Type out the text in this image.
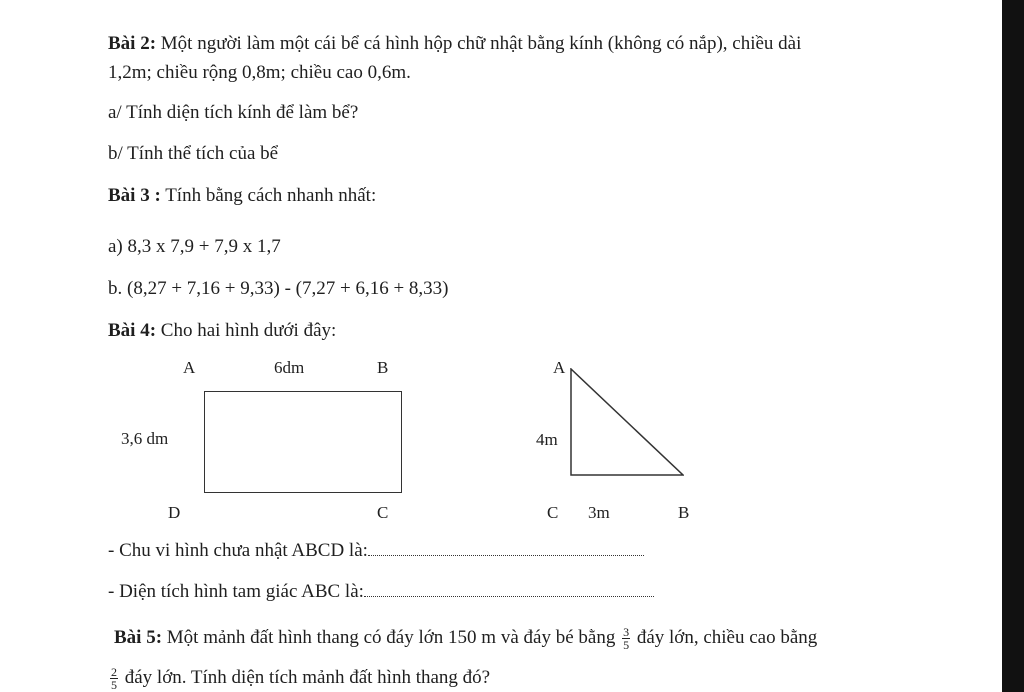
Bài 2: Một người làm một cái bể cá hình hộp chữ nhật bằng kính (không có nắp), chiều dài
1,2m; chiều rộng 0,8m; chiều cao 0,6m.
a/ Tính diện tích kính để làm bể?
b/ Tính thể tích của bể
Bài 3 : Tính bằng cách nhanh nhất:
a) 8,3 x 7,9 + 7,9 x 1,7
b. (8,27 + 7,16 + 9,33) - (7,27 + 6,16 + 8,33)
Bài 4: Cho hai hình dưới đây:
A	6dm	B
3,6 dm
D	C
A
4m
C 3m	B
- Chu vi hình chưa nhật ABCD là:
- Diện tích hình tam giác ABC là:
Bài 5: Một mảnh đất hình thang có đáy lớn 150 m và đáy bé bằng $\frac{3}{5}$ đáy lớn, chiều cao bằng
$\frac{2}{5}$ đáy lớn. Tính diện tích mảnh đất hình thang đó?
